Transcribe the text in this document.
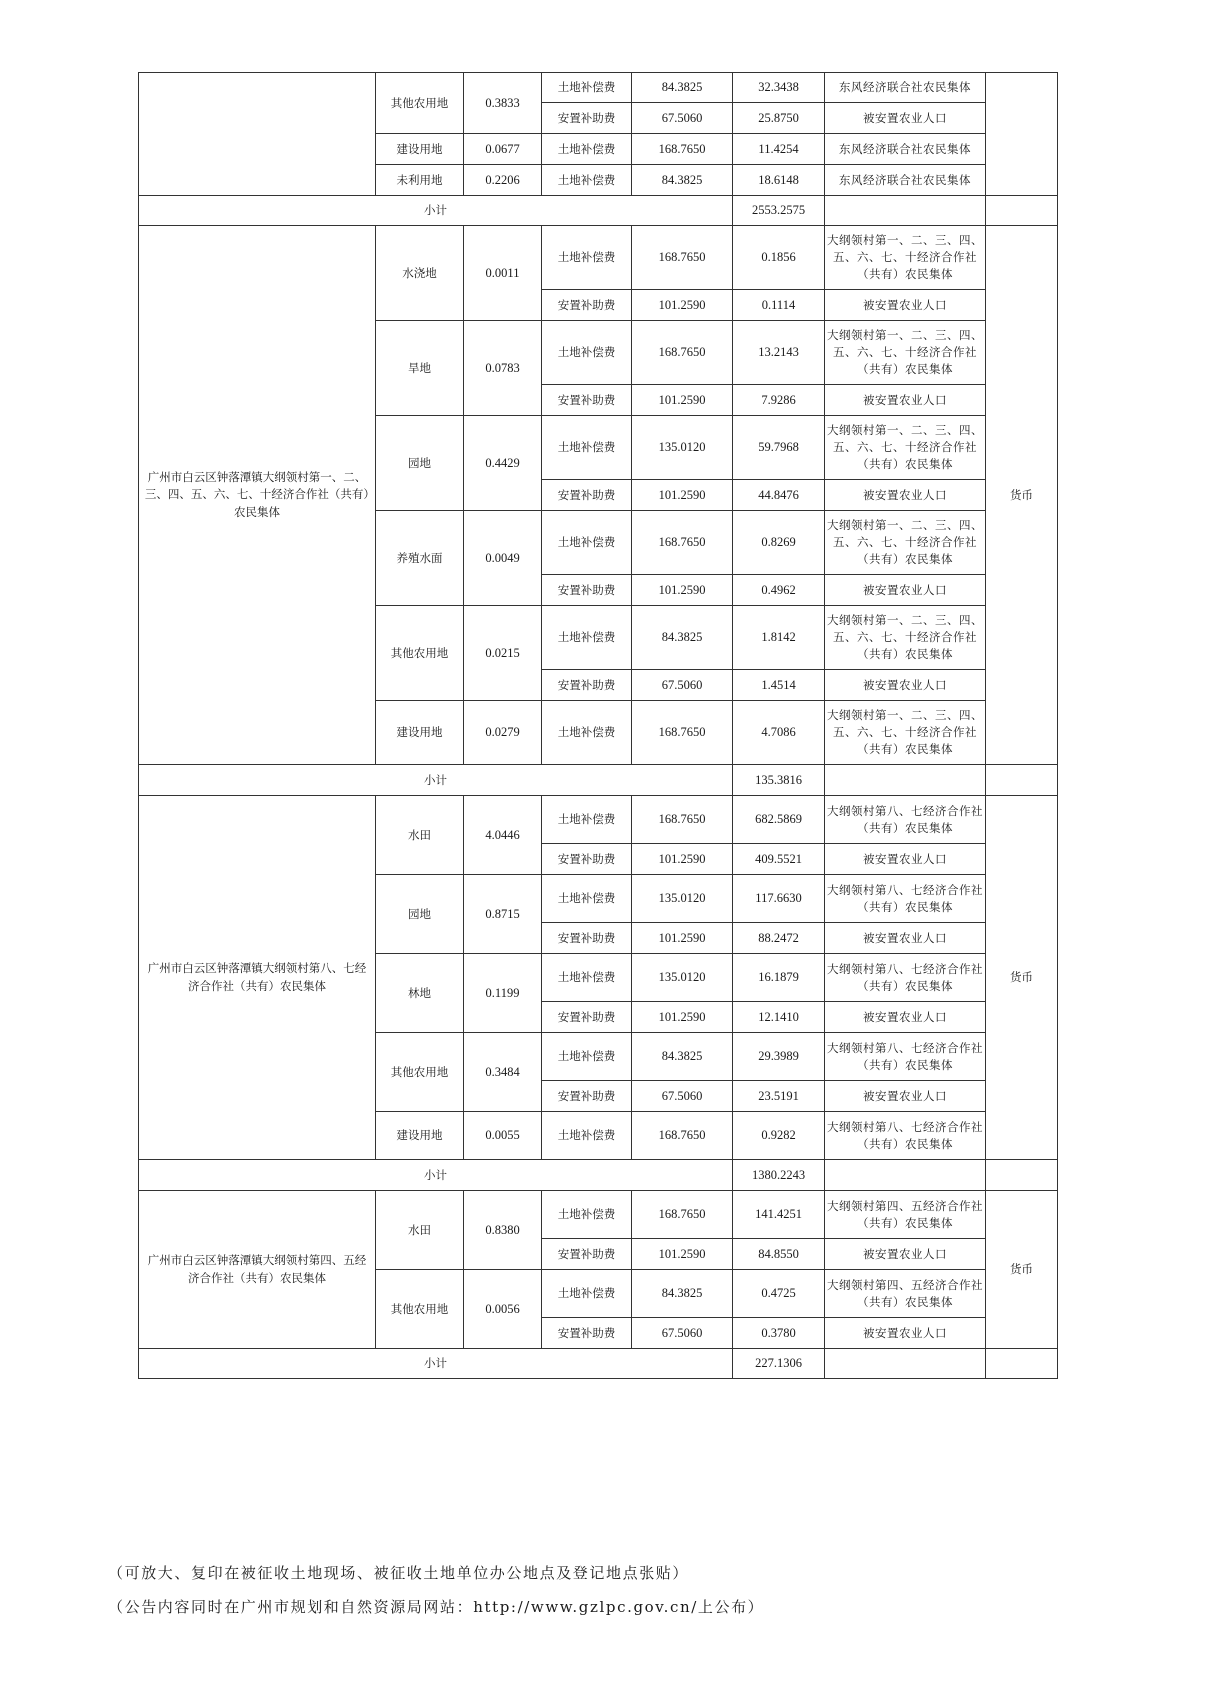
	其他农用地	0.3833	土地补偿费	84.3825	32.3438	东风经济联合社农民集体	
			安置补助费	67.5060	25.8750	被安置农业人口	
	建设用地	0.0677	土地补偿费	168.7650	11.4254	东风经济联合社农民集体	
	未利用地	0.2206	土地补偿费	84.3825	18.6148	东风经济联合社农民集体	
小计					2553.2575		
广州市白云区钟落潭镇大纲领村第一、二、三、四、五、六、七、十经济合作社（共有）农民集体	水浇地	0.0011	土地补偿费	168.7650	0.1856	大纲领村第一、二、三、四、五、六、七、十经济合作社（共有）农民集体	货币
			安置补助费	101.2590	0.1114	被安置农业人口	
	旱地	0.0783	土地补偿费	168.7650	13.2143	大纲领村第一、二、三、四、五、六、七、十经济合作社（共有）农民集体	
			安置补助费	101.2590	7.9286	被安置农业人口	
	园地	0.4429	土地补偿费	135.0120	59.7968	大纲领村第一、二、三、四、五、六、七、十经济合作社（共有）农民集体	
			安置补助费	101.2590	44.8476	被安置农业人口	
	养殖水面	0.0049	土地补偿费	168.7650	0.8269	大纲领村第一、二、三、四、五、六、七、十经济合作社（共有）农民集体	
			安置补助费	101.2590	0.4962	被安置农业人口	
	其他农用地	0.0215	土地补偿费	84.3825	1.8142	大纲领村第一、二、三、四、五、六、七、十经济合作社（共有）农民集体	
			安置补助费	67.5060	1.4514	被安置农业人口	
	建设用地	0.0279	土地补偿费	168.7650	4.7086	大纲领村第一、二、三、四、五、六、七、十经济合作社（共有）农民集体	
小计					135.3816		
广州市白云区钟落潭镇大纲领村第八、七经济合作社（共有）农民集体	水田	4.0446	土地补偿费	168.7650	682.5869	大纲领村第八、七经济合作社（共有）农民集体	货币
			安置补助费	101.2590	409.5521	被安置农业人口	
	园地	0.8715	土地补偿费	135.0120	117.6630	大纲领村第八、七经济合作社（共有）农民集体	
			安置补助费	101.2590	88.2472	被安置农业人口	
	林地	0.1199	土地补偿费	135.0120	16.1879	大纲领村第八、七经济合作社（共有）农民集体	
			安置补助费	101.2590	12.1410	被安置农业人口	
	其他农用地	0.3484	土地补偿费	84.3825	29.3989	大纲领村第八、七经济合作社（共有）农民集体	
			安置补助费	67.5060	23.5191	被安置农业人口	
	建设用地	0.0055	土地补偿费	168.7650	0.9282	大纲领村第八、七经济合作社（共有）农民集体	
小计					1380.2243		
广州市白云区钟落潭镇大纲领村第四、五经济合作社（共有）农民集体	水田	0.8380	土地补偿费	168.7650	141.4251	大纲领村第四、五经济合作社（共有）农民集体	货币
			安置补助费	101.2590	84.8550	被安置农业人口	
	其他农用地	0.0056	土地补偿费	84.3825	0.4725	大纲领村第四、五经济合作社（共有）农民集体	
			安置补助费	67.5060	0.3780	被安置农业人口	
小计					227.1306		
（可放大、复印在被征收土地现场、被征收土地单位办公地点及登记地点张贴）
（公告内容同时在广州市规划和自然资源局网站：http://www.gzlpc.gov.cn/上公布）
